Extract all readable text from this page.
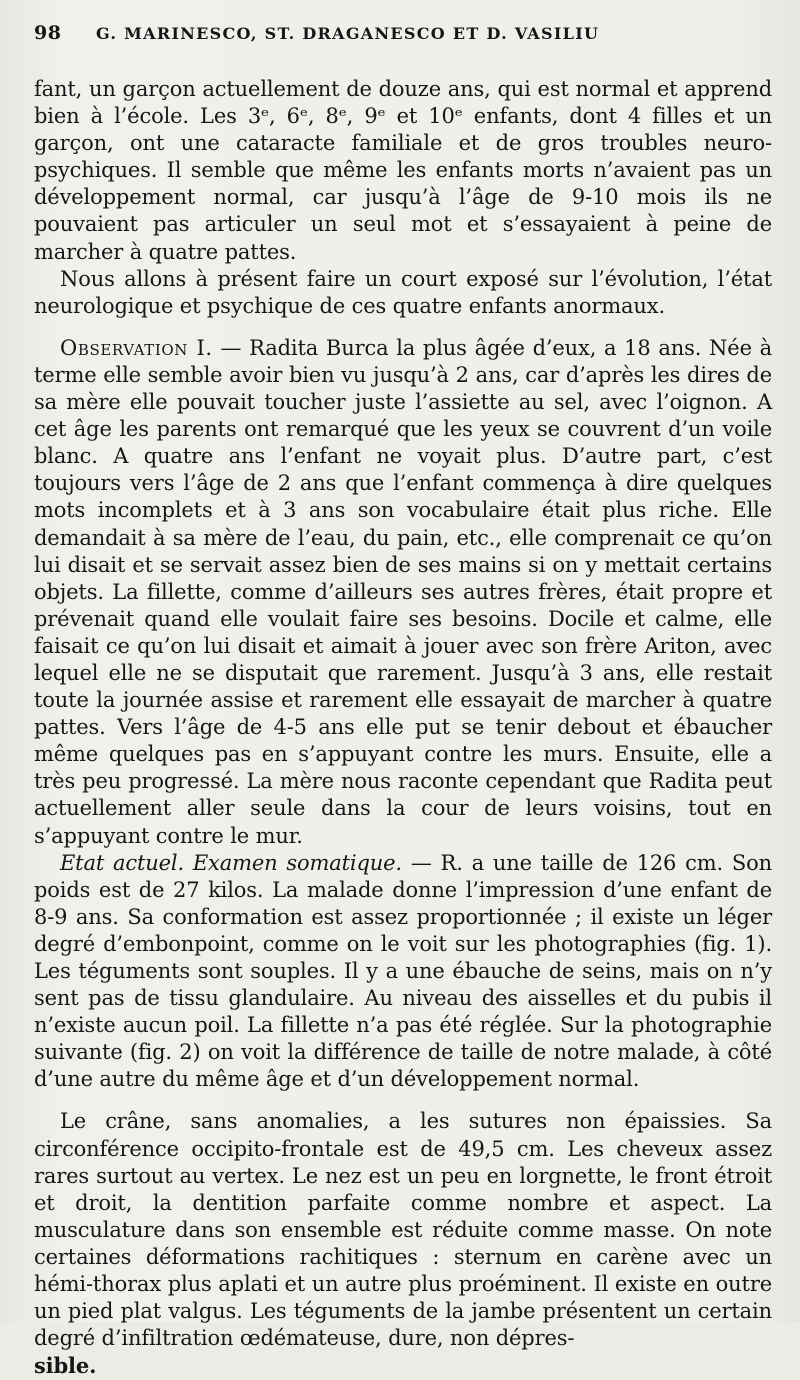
98	G. MARINESCO, ST. DRAGANESCO ET D. VASILIU

fant, un garçon actuellement de douze ans, qui est normal et apprend bien à l’école. Les 3ᵉ, 6ᵉ, 8ᵉ, 9ᵉ et 10ᵉ enfants, dont 4 filles et un garçon, ont une cataracte familiale et de gros troubles neuro-psychiques. Il semble que même les enfants morts n’avaient pas un développement normal, car jusqu’à l’âge de 9-10 mois ils ne pouvaient pas articuler un seul mot et s’essayaient à peine de marcher à quatre pattes.

Nous allons à présent faire un court exposé sur l’évolution, l’état neurologique et psychique de ces quatre enfants anormaux.

Observation I. — Radita Burca la plus âgée d’eux, a 18 ans. Née à terme elle semble avoir bien vu jusqu’à 2 ans, car d’après les dires de sa mère elle pouvait toucher juste l’assiette au sel, avec l’oignon. A cet âge les parents ont remarqué que les yeux se couvrent d’un voile blanc. A quatre ans l’enfant ne voyait plus. D’autre part, c’est toujours vers l’âge de 2 ans que l’enfant commença à dire quelques mots incomplets et à 3 ans son vocabulaire était plus riche. Elle demandait à sa mère de l’eau, du pain, etc., elle comprenait ce qu’on lui disait et se servait assez bien de ses mains si on y mettait certains objets. La fillette, comme d’ailleurs ses autres frères, était propre et prévenait quand elle voulait faire ses besoins. Docile et calme, elle faisait ce qu’on lui disait et aimait à jouer avec son frère Ariton, avec lequel elle ne se disputait que rarement. Jusqu’à 3 ans, elle restait toute la journée assise et rarement elle essayait de marcher à quatre pattes. Vers l’âge de 4-5 ans elle put se tenir debout et ébaucher même quelques pas en s’appuyant contre les murs. Ensuite, elle a très peu progressé. La mère nous raconte cependant que Radita peut actuellement aller seule dans la cour de leurs voisins, tout en s’appuyant contre le mur.

Etat actuel. Examen somatique. — R. a une taille de 126 cm. Son poids est de 27 kilos. La malade donne l’impression d’une enfant de 8-9 ans. Sa conformation est assez proportionnée ; il existe un léger degré d’embonpoint, comme on le voit sur les photographies (fig. 1). Les téguments sont souples. Il y a une ébauche de seins, mais on n’y sent pas de tissu glandulaire. Au niveau des aisselles et du pubis il n’existe aucun poil. La fillette n’a pas été réglée. Sur la photographie suivante (fig. 2) on voit la différence de taille de notre malade, à côté d’une autre du même âge et d’un développement normal.

Le crâne, sans anomalies, a les sutures non épaissies. Sa circonférence occipito-frontale est de 49,5 cm. Les cheveux assez rares surtout au vertex. Le nez est un peu en lorgnette, le front étroit et droit, la dentition parfaite comme nombre et aspect. La musculature dans son ensemble est réduite comme masse. On note certaines déformations rachitiques : sternum en carène avec un hémi-thorax plus aplati et un autre plus proéminent. Il existe en outre un pied plat valgus. Les téguments de la jambe présentent un certain degré d’infiltration œdémateuse, dure, non dépres-
sible.
